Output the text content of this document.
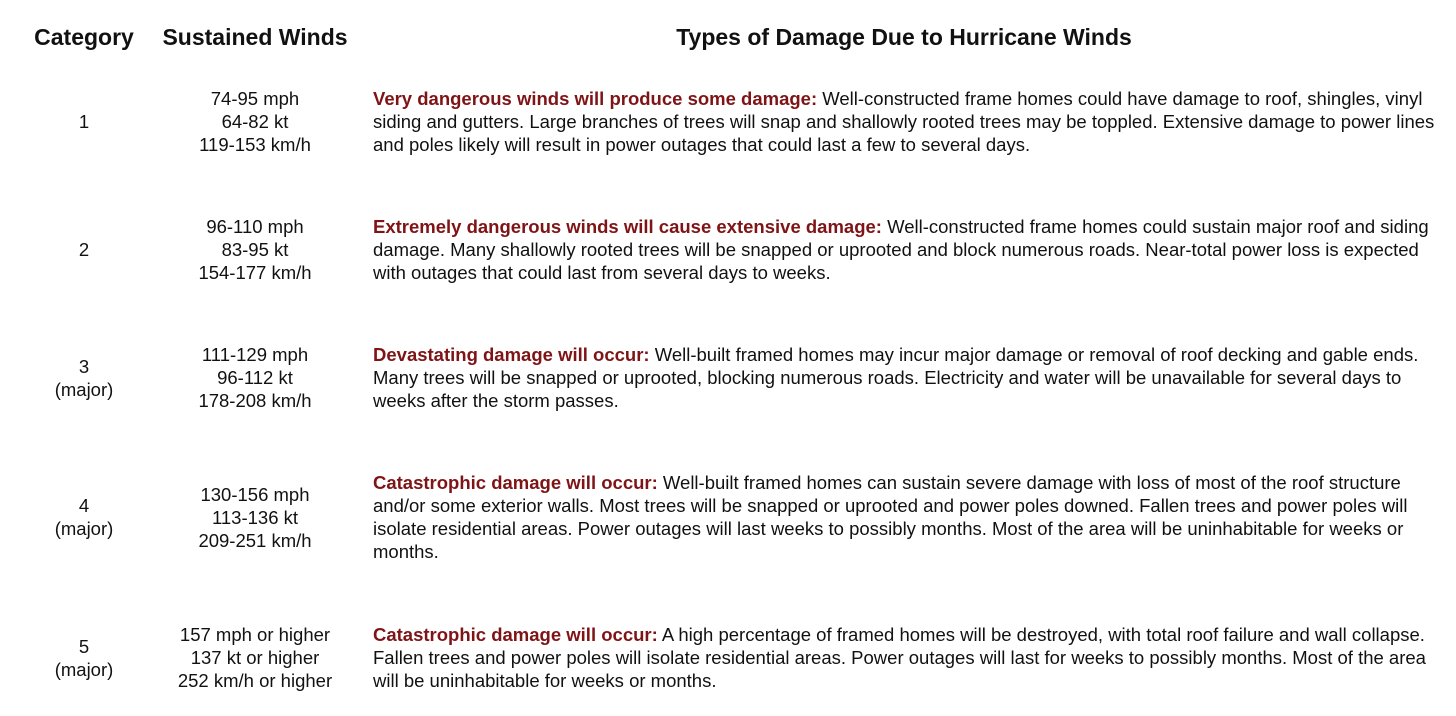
Category	Sustained Winds	Types of Damage Due to Hurricane Winds
1
74-95 mph
64-82 kt
119-153 km/h
Very dangerous winds will produce some damage: Well-constructed frame homes could have damage to roof, shingles, vinyl siding and gutters. Large branches of trees will snap and shallowly rooted trees may be toppled. Extensive damage to power lines and poles likely will result in power outages that could last a few to several days.
2
96-110 mph
83-95 kt
154-177 km/h
Extremely dangerous winds will cause extensive damage: Well-constructed frame homes could sustain major roof and siding damage. Many shallowly rooted trees will be snapped or uprooted and block numerous roads. Near-total power loss is expected with outages that could last from several days to weeks.
3
(major)
111-129 mph
96-112 kt
178-208 km/h
Devastating damage will occur: Well-built framed homes may incur major damage or removal of roof decking and gable ends. Many trees will be snapped or uprooted, blocking numerous roads. Electricity and water will be unavailable for several days to weeks after the storm passes.
4
(major)
130-156 mph
113-136 kt
209-251 km/h
Catastrophic damage will occur: Well-built framed homes can sustain severe damage with loss of most of the roof structure and/or some exterior walls. Most trees will be snapped or uprooted and power poles downed. Fallen trees and power poles will isolate residential areas. Power outages will last weeks to possibly months. Most of the area will be uninhabitable for weeks or months.
5
(major)
157 mph or higher
137 kt or higher
252 km/h or higher
Catastrophic damage will occur: A high percentage of framed homes will be destroyed, with total roof failure and wall collapse. Fallen trees and power poles will isolate residential areas. Power outages will last for weeks to possibly months. Most of the area will be uninhabitable for weeks or months.
